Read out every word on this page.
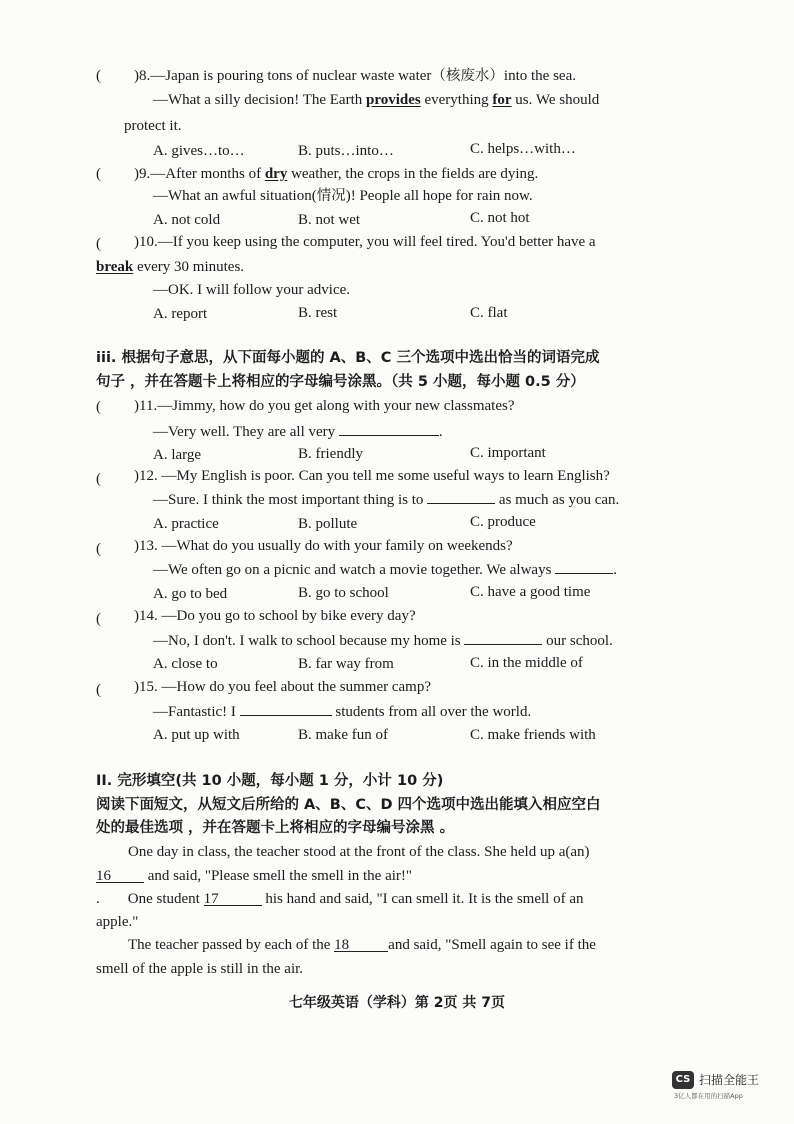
( )8.—Japan is pouring tons of nuclear waste water（核废水）into the sea.
—What a silly decision! The Earth provides everything for us. We should
protect it.
A. gives…to…	B. puts…into…	C. helps…with…
( )9.—After months of dry weather, the crops in the fields are dying.
—What an awful situation(情况)! People all hope for rain now.
A. not cold	B. not wet	C. not hot
( )10.—If you keep using the computer, you will feel tired. You'd better have a
break every 30 minutes.
—OK. I will follow your advice.
A. report	B. rest	C. flat
iii. 根据句子意思，从下面每小题的 A、B、C 三个选项中选出恰当的词语完成
句子 ，并在答题卡上将相应的字母编号涂黑。（共 5 小题，每小题 0.5 分）
( )11.—Jimmy, how do you get along with your new classmates?
—Very well. They are all very	.
A. large	B. friendly	C. important
( )12. —My English is poor. Can you tell me some useful ways to learn English?
—Sure. I think the most important thing is to	as much as you can.
A. practice	B. pollute	C. produce
( )13. —What do you usually do with your family on weekends?
—We often go on a picnic and watch a movie together. We always	.
A. go to bed	B. go to school	C. have a good time
( )14. —Do you go to school by bike every day?
—No, I don't. I walk to school because my home is	our school.
A. close to	B. far way from	C. in the middle of
( )15. —How do you feel about the summer camp?
—Fantastic! I	students from all over the world.
A. put up with	B. make fun of	C. make friends with
II. 完形填空(共 10 小题，每小题 1 分，小计 10 分)
阅读下面短文，从短文后所给的 A、B、C、D 四个选项中选出能填入相应空白
处的最佳选项 ，并在答题卡上将相应的字母编号涂黑 。
One day in class, the teacher stood at the front of the class. She held up a(an)
16 and said, "Please smell the smell in the air!"
. One student 17	his hand and said, "I can smell it. It is the smell of an
apple."
The teacher passed by each of the 18	and said, "Smell again to see if the
smell of the apple is still in the air.
七年级英语（学科）第 2页 共 7页
CS 扫描全能王
3亿人都在用的扫描App
